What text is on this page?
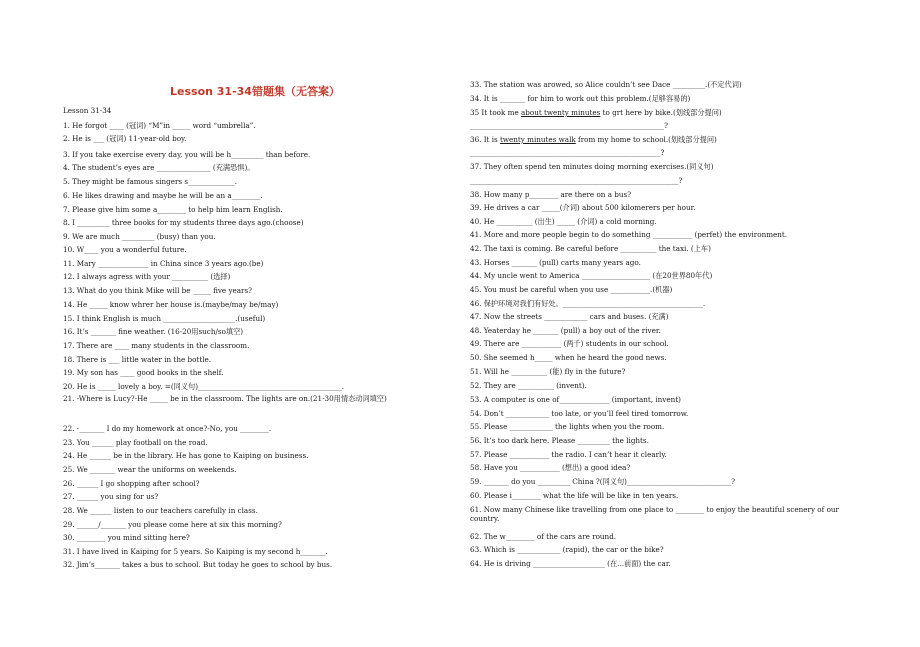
Lesson 31-34错题集（无答案）
Lesson 31-34
1. He forgot ____ (冠词) “M”in _____ word “umbrella”.
2. He is ___ (冠词) 11-year-old boy.
3. If you take exercise every day, you will be h_________ than before.
4. The student’s eyes are _______________ (充满恐惧)。
5. They might be famous singers s_____________.
6. He likes drawing and maybe he will be an a________.
7. Please give him some a________ to help him learn English.
8. I _________ three books for my students three days ago.(choose)
9. We are much _________ (busy) than you.
10. W____ you a wonderful future.
11. Mary ______________ in China since 3 years ago.(be)
12. I always agress with your __________ (选择)
13. What do you think Mike will be _____ five years?
14. He _____ know whrer her house is.(maybe/may be/may)
15. I think English is much ____________________.(useful)
16. It’s _______ fine weather. (16-20用such/so填空)
17. There are ____ many students in the classroom.
18. There is ___ little water in the bottle.
19. My son has ____ good books in the shelf.
20. He is _____ lovely a boy. =(同义句)________________________________________.
21. -Where is Lucy?-He _____ be in the classroom. The lights are on.(21-30用情态动词填空)
22. -_______ I do my homework at once?-No, you ________.
23. You ______ play football on the road.
24. He ______ be in the library. He has gone to Kaiping on business.
25. We _______ wear the uniforms on weekends.
26. ______ I go shopping after school?
27. ______ you sing for us?
28. We ______ listen to our teachers carefully in class.
29. ______/_______ you please come here at six this morning?
30. ________ you mind sitting here?
31. I have lived in Kaiping for 5 years. So Kaiping is my second h_______.
32. Jim’s_______ takes a bus to school. But today he goes to school by bus.
33. The station was arowed, so Alice couldn’t see Dace _________.(不定代词)
34. It is _______ for him to work out this problem.(足够容易的)
35 It took me about twenty minutes to grt here by bike.(划线部分提问)
______________________________________________________?
36. It is twenty minutes walk from my home to school.(划线部分提问)
_____________________________________________________?
37. They often spend ten minutes doing morning exercises.(同义句)
__________________________________________________________?
38. How many p________ are there on a bus?
39. He drives a car _____(介词) about 500 kilomerers per hour.
40. He __________ (出生) _____ (介词) a cold morning.
41. More and more people begin to do something ___________ (perfet) the environment.
42. The taxi is coming. Be careful before __________ the taxi. (上车)
43. Horses _______ (pull) carts many years ago.
44. My uncle went to America ___________________ (在20世界80年代)
45. You must be careful when you use ___________.(机器)
46. 保护环境对我们有好处。_______________________________________.
47. Now the streets ____________ cars and buses. (充满)
48. Yeaterday he _______ (pull) a boy out of the river.
49. There are ___________ (两千) students in our school.
50. She seemed h_____ when he heard the good news.
51. Will he __________ (能) fly in the future?
52. They are __________ (invent).
53. A computer is one of______________ (important, invent)
54. Don’t ____________ too late, or you’ll feel tired tomorrow.
55. Please ____________ the lights when you the room.
56. It’s too dark here. Please _________ the lights.
57. Please ___________ the radio. I can’t hear it clearly.
58. Have you ___________ (想出) a good idea?
59. _______ do you _________ China ?(同义句)_____________________________?
60. Please i________ what the life will be like in ten years.
61. Now many Chinese like travelling from one place to ________ to enjoy the beautiful scenery of our country.
62. The w________ of the cars are round.
63. Which is ____________ (rapid), the car or the bike?
64. He is driving ____________________ (在...前面) the car.
